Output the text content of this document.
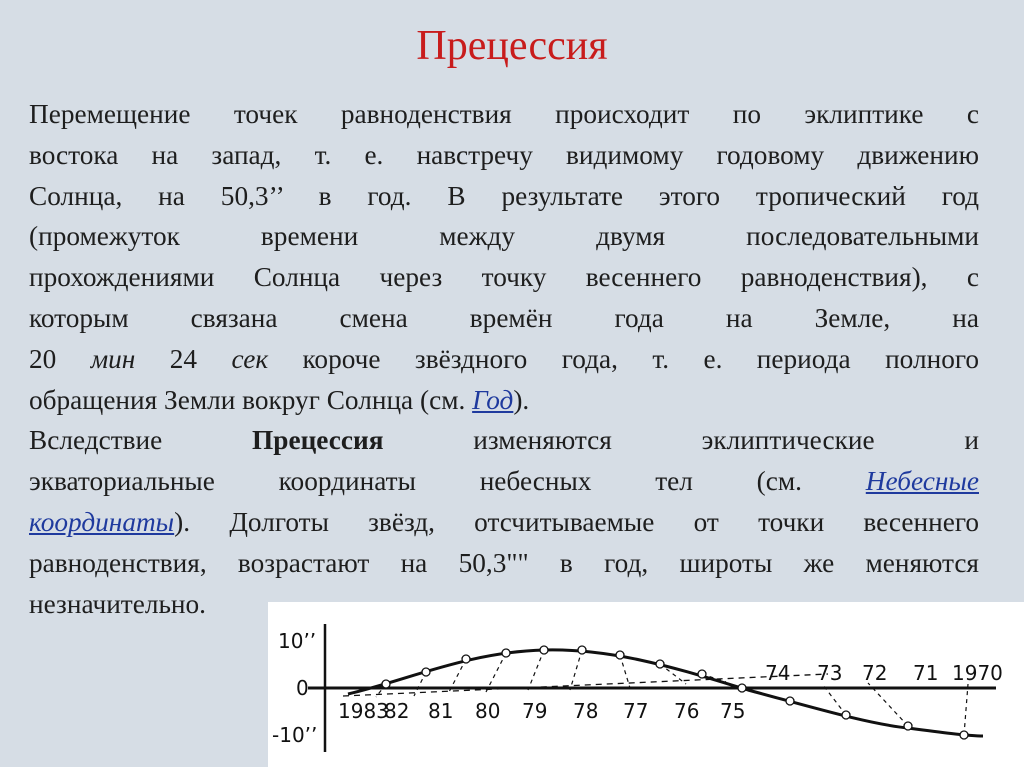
Прецессия
Перемещение точек равноденствия происходит по эклиптике с
востока на запад, т. е. навстречу видимому годовому движению
Солнца, на 50,3’’ в год. В результате этого тропический год
(промежуток времени между двумя последовательными
прохождениями Солнца через точку весеннего равноденствия), с
которым связана смена времён года на Земле, на
20 мин 24 сек короче звёздного года, т. е. периода полного
обращения Земли вокруг Солнца (см. Год).
Вследствие Прецессия изменяются эклиптические и
экваториальные координаты небесных тел (см. Небесные
координаты). Долготы звёзд, отсчитываемые от точки весеннего
равноденствия, возрастают на 50,3"" в год, широты же меняются
незначительно.
10’’
0
-10’’
1983
82 81 80 79 78 77 76 75
74 73 72 71 1970
